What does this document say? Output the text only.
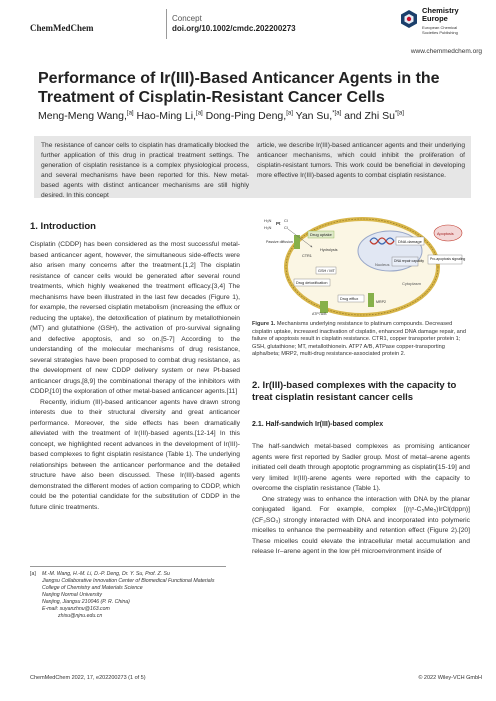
ChemMedChem
Concept
doi.org/10.1002/cmdc.202200273
Chemistry
Europe
European Chemical
Societies Publishing
www.chemmedchem.org
Performance of Ir(III)-Based Anticancer Agents in the Treatment of Cisplatin-Resistant Cancer Cells
Meng-Meng Wang,[a] Hao-Ming Li,[a] Dong-Ping Deng,[a] Yan Su,$^{*[a]}$ and Zhi $Su^{*[a]}$
The resistance of cancer cells to cisplatin has dramatically blocked the further application of this drug in practical treatment settings. The generation of cisplatin resistance is a complex physiological process, and several mechanisms have been reported for this. New metal-based agents with distinct anticancer mechanisms are still highly desired. In this concept
article, we describe Ir(III)-based anticancer agents and their underlying anticancer mechanisms, which could inhibit the proliferation of cisplatin-resistant tumors. This work could be beneficial in developing more effective Ir(III)-based agents to combat cisplatin resistance.
1. Introduction

Cisplatin (CDDP) has been considered as the most successful metal-based anticancer agent, however, the simultaneous side-effects were also arisen many concerns after the treatment.[1,2] The cisplatin resistance of cancer cells would be generated after several round treatments, which highly weakened the treatment efficacy.[3,4] The mechanisms have been illustrated in the last few decades (Figure 1), for example, the reversed cisplatin metabolism (increasing the efflux or reducing the uptake), the detoxification of platinum by metallothionein (MT) and glutathione (GSH), the activation of pro-survival signaling and defective apoptosis, and so on.[5-7] According to the understanding of the molecular mechanisms of drug resistance, several strategies have been proposed to combat drug resistance, as the development of new CDDP delivery system or new Pt-based anticancer drugs,[8,9] the combinational therapy of the inhibitors with CDDP,[10] the exploration of other metal-based anticancer agents.[11]

Recently, iridium (III)-based anticancer agents have drawn strong interests due to their structural diversity and great anticancer performance. Moreover, the side effects has been dramatically alleviated with the treatment of Ir(III)-based agents.[12-14] In this concept, we highlighted recent advances in the development of Ir(III)-based complexes to fight cisplatin resistance (Table 1). The underlying relationships between the anticancer performance and the detailed structure have also been discussed. These Ir(III)-based agents demonstrated the different modes of action comparing to CDDP, which could be the potential candidate for the substitution of CDDP in the future clinic treatments.

H₃N
H₃N
Pt
Cl
Cl
Nucleus
DNA damage
DNA repair capacity
Drug uptake
Passive diffusion
CTR1
Hydrolysis
GSH / MT
Drug detoxification
Drug efflux
ATP7A/B
MRP2
Cytoplasm
Apoptosis
Pro-apoptosis signaling
Figure 1. Mechanisms underlying resistance to platinum compounds. Decreased cisplatin uptake, increased inactivation of cisplatin, enhanced DNA damage repair, and failure of apoptosis result in cisplatin resistance. CTR1, copper transporter protein 1; GSH, glutathione; MT, metallothionein. ATP7 A/B, ATPase copper-transporting alpha/beta; MRP2, multi-drug resistance-associated protein 2.
2. Ir(III)-based complexes with the capacity to treat cisplatin resistant cancer cells
2.1. Half-sandwich Ir(III)-based complex

The half-sandwich metal-based complexes as promising anticancer agents were first reported by Sadler group. Most of metal–arene agents initiated cell death through apoptotic programming as cisplatin[15-19] and very limited Ir(III)-arene agents were reported with the capacity to overcome the cisplatin resistance (Table 1).

One strategy was to enhance the interaction with DNA by the planar conjugated ligand. For example, complex [(η⁵-C₅Me₅)IrCl(dppn)](CF₃SO₃) strongly interacted with DNA and incorporated into polymeric micelles to enhance the permeability and retention effect (Figure 2).[20] These micelles could elevate the intracellular metal accumulation and release Ir–arene agent in the low pH microenvironment inside of

[a] M.-M. Wang, H.-M. Li, D.-P. Deng, Dr. Y. Su, Prof. Z. Su
Jiangsu Collaborative Innovation Center of Biomedical Functional Materials
College of Chemistry and Materials Science
Nanjing Normal University
Nanjing, Jiangsu 210046 (P. R. China)
E-mail: suyanzhnu@163.com
zhisu@njnu.edu.cn
ChemMedChem 2022, 17, e202200273 (1 of 5)	© 2022 Wiley-VCH GmbH
